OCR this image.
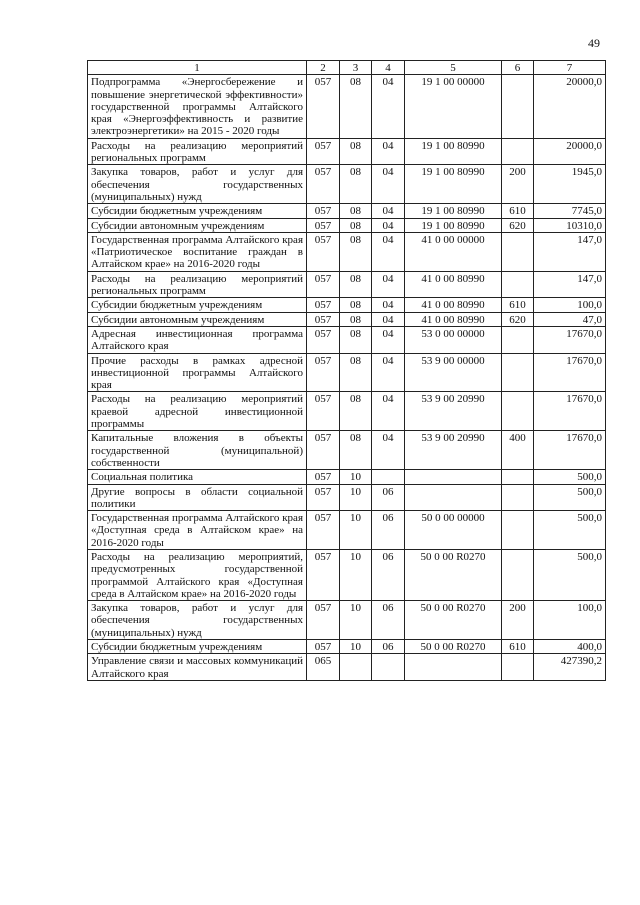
49
1	2	3	4	5	6	7
Подпрограмма «Энергосбережение и повышение энергетической эффективности» государственной программы Алтайского края «Энергоэффективность и развитие электроэнергетики» на 2015 - 2020 годы	057	08	04	19 1 00 00000		20000,0
Расходы на реализацию мероприятий региональных программ	057	08	04	19 1 00 80990		20000,0
Закупка товаров, работ и услуг для обеспечения государственных (муниципальных) нужд	057	08	04	19 1 00 80990	200	1945,0
Субсидии бюджетным учреждениям	057	08	04	19 1 00 80990	610	7745,0
Субсидии автономным учреждениям	057	08	04	19 1 00 80990	620	10310,0
Государственная программа Алтайского края «Патриотическое воспитание граждан в Алтайском крае» на 2016-2020 годы	057	08	04	41 0 00 00000		147,0
Расходы на реализацию мероприятий региональных программ	057	08	04	41 0 00 80990		147,0
Субсидии бюджетным учреждениям	057	08	04	41 0 00 80990	610	100,0
Субсидии автономным учреждениям	057	08	04	41 0 00 80990	620	47,0
Адресная инвестиционная программа Алтайского края	057	08	04	53 0 00 00000		17670,0
Прочие расходы в рамках адресной инвестиционной программы Алтайского края	057	08	04	53 9 00 00000		17670,0
Расходы на реализацию мероприятий краевой адресной инвестиционной программы	057	08	04	53 9 00 20990		17670,0
Капитальные вложения в объекты государственной (муниципальной) собственности	057	08	04	53 9 00 20990	400	17670,0
Социальная политика	057	10				500,0
Другие вопросы в области социальной политики	057	10	06			500,0
Государственная программа Алтайского края «Доступная среда в Алтайском крае» на 2016-2020 годы	057	10	06	50 0 00 00000		500,0
Расходы на реализацию мероприятий, предусмотренных государственной программой Алтайского края «Доступная среда в Алтайском крае» на 2016-2020 годы	057	10	06	50 0 00 R0270		500,0
Закупка товаров, работ и услуг для обеспечения государственных (муниципальных) нужд	057	10	06	50 0 00 R0270	200	100,0
Субсидии бюджетным учреждениям	057	10	06	50 0 00 R0270	610	400,0
Управление связи и массовых коммуникаций Алтайского края	065					427390,2
